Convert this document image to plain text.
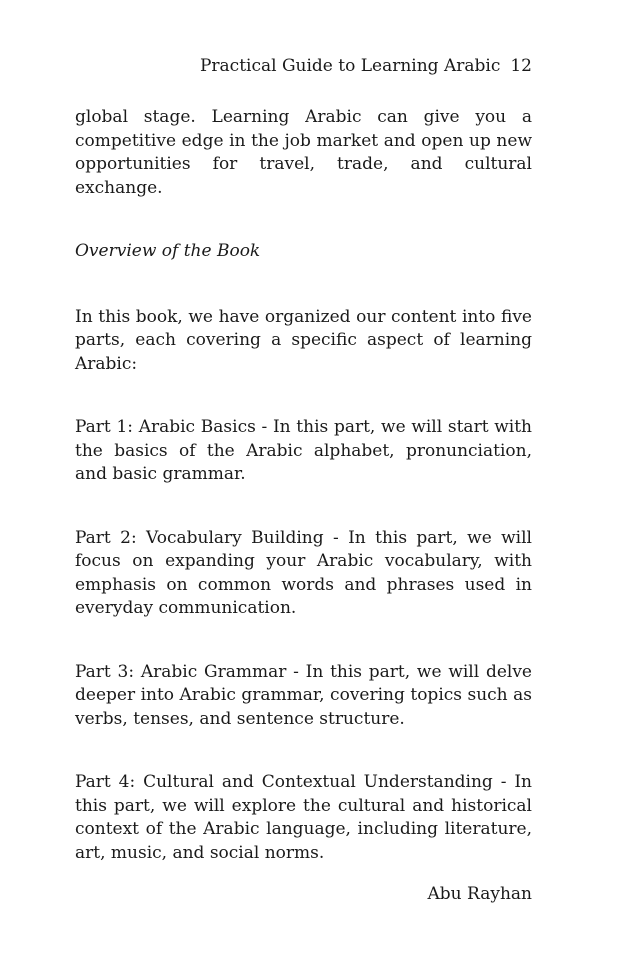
Practical Guide to Learning Arabic 12

global stage. Learning Arabic can give you a competitive edge in the job market and open up new opportunities for travel, trade, and cultural exchange.

Overview of the Book

In this book, we have organized our content into five parts, each covering a specific aspect of learning Arabic:

Part 1: Arabic Basics - In this part, we will start with the basics of the Arabic alphabet, pronunciation, and basic grammar.

Part 2: Vocabulary Building - In this part, we will focus on expanding your Arabic vocabulary, with emphasis on common words and phrases used in everyday communication.

Part 3: Arabic Grammar - In this part, we will delve deeper into Arabic grammar, covering topics such as verbs, tenses, and sentence structure.

Part 4: Cultural and Contextual Understanding - In this part, we will explore the cultural and historical context of the Arabic language, including literature, art, music, and social norms.

Abu Rayhan
